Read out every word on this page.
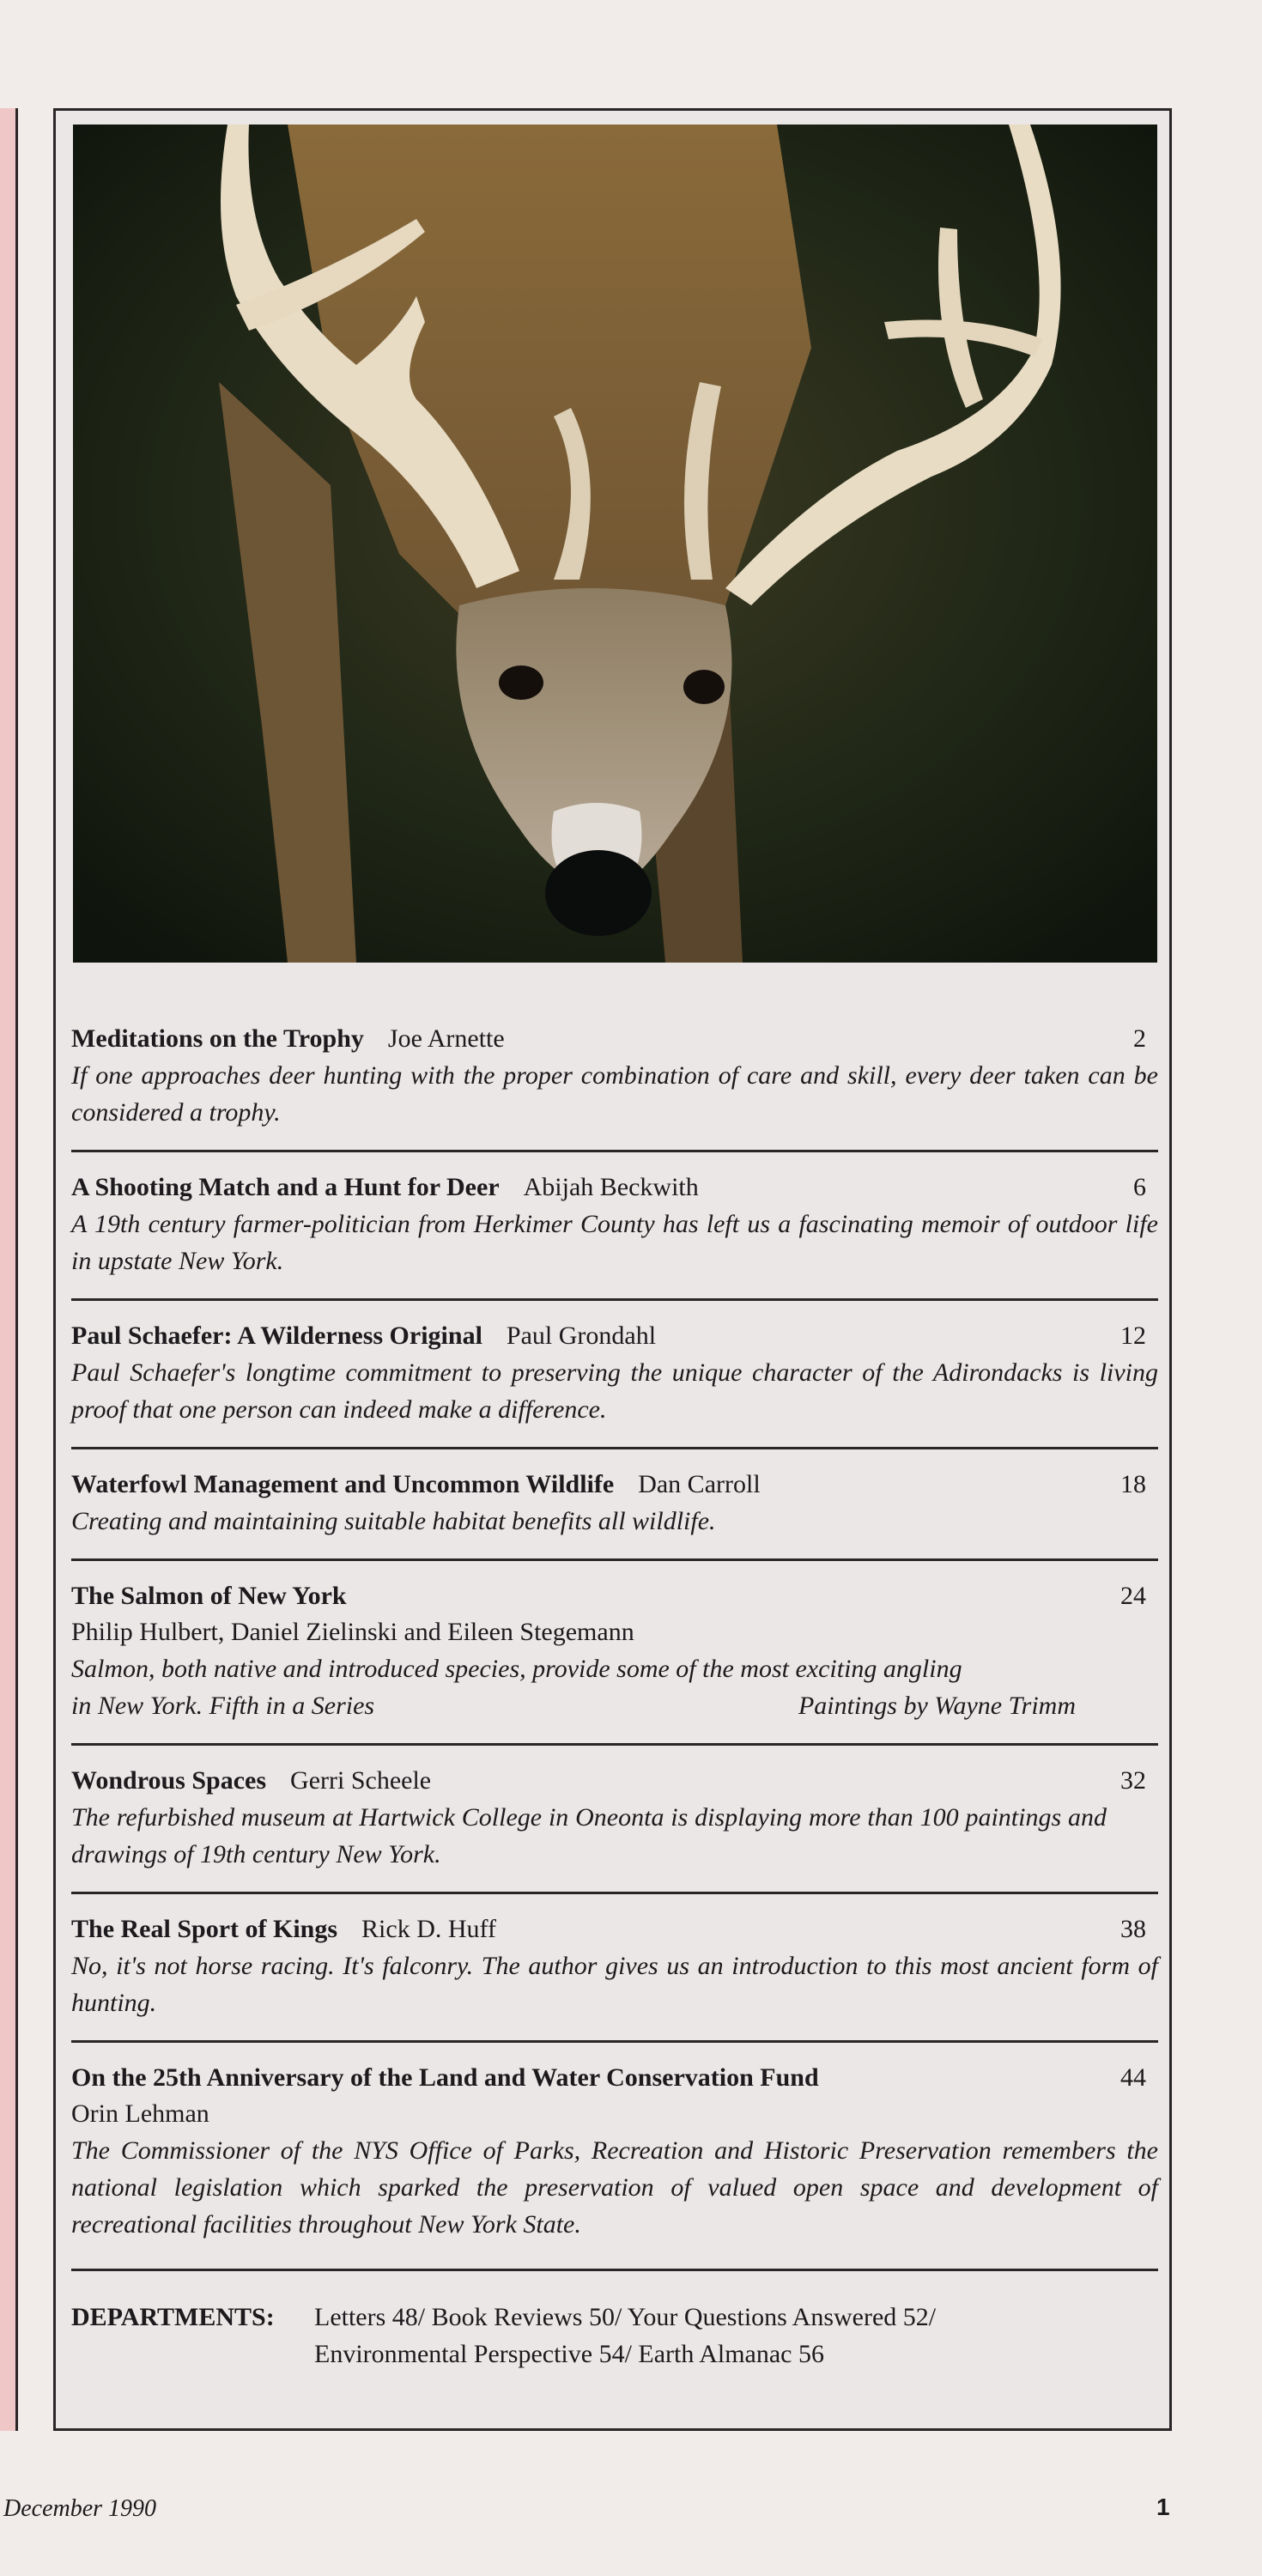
Meditations on the Trophy Joe Arnette	2
If one approaches deer hunting with the proper combination of care and skill, every deer taken can be considered a trophy.
A Shooting Match and a Hunt for Deer Abijah Beckwith	6
A 19th century farmer-politician from Herkimer County has left us a fascinating memoir of outdoor life in upstate New York.
Paul Schaefer: A Wilderness Original Paul Grondahl	12
Paul Schaefer's longtime commitment to preserving the unique character of the Adirondacks is living proof that one person can indeed make a difference.
Waterfowl Management and Uncommon Wildlife Dan Carroll	18
Creating and maintaining suitable habitat benefits all wildlife.
The Salmon of New York	24
Philip Hulbert, Daniel Zielinski and Eileen Stegemann
Salmon, both native and introduced species, provide some of the most exciting angling
in New York. Fifth in a Series	Paintings by Wayne Trimm
Wondrous Spaces Gerri Scheele	32
The refurbished museum at Hartwick College in Oneonta is displaying more than 100 paintings and drawings of 19th century New York.
The Real Sport of Kings Rick D. Huff	38
No, it's not horse racing. It's falconry. The author gives us an introduction to this most ancient form of hunting.
On the 25th Anniversary of the Land and Water Conservation Fund	44
Orin Lehman
The Commissioner of the NYS Office of Parks, Recreation and Historic Preservation remembers the national legislation which sparked the preservation of valued open space and development of recreational facilities throughout New York State.
DEPARTMENTS:	Letters 48/ Book Reviews 50/ Your Questions Answered 52/
Environmental Perspective 54/ Earth Almanac 56
December 1990	1
